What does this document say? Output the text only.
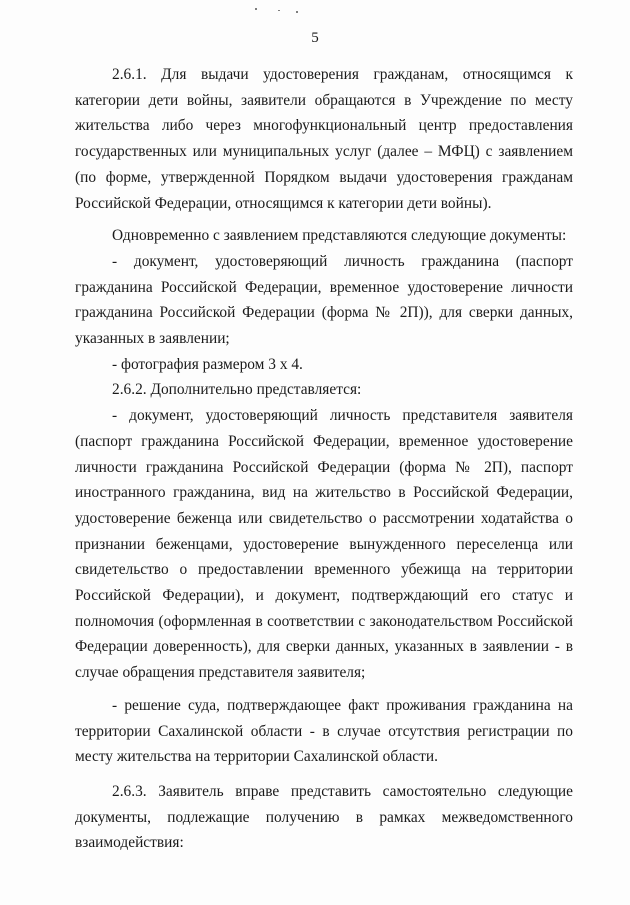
5

2.6.1. Для выдачи удостоверения гражданам, относящимся к категории дети войны, заявители обращаются в Учреждение по месту жительства либо через многофункциональный центр предоставления государственных или муниципальных услуг (далее – МФЦ) с заявлением (по форме, утвержденной Порядком выдачи удостоверения гражданам Российской Федерации, относящимся к категории дети войны).

Одновременно с заявлением представляются следующие документы:

- документ, удостоверяющий личность гражданина (паспорт гражданина Российской Федерации, временное удостоверение личности гражданина Российской Федерации (форма № 2П)), для сверки данных, указанных в заявлении;

- фотография размером 3 х 4.

2.6.2. Дополнительно представляется:

- документ, удостоверяющий личность представителя заявителя (паспорт гражданина Российской Федерации, временное удостоверение личности гражданина Российской Федерации (форма № 2П), паспорт иностранного гражданина, вид на жительство в Российской Федерации, удостоверение беженца или свидетельство о рассмотрении ходатайства о признании беженцами, удостоверение вынужденного переселенца или свидетельство о предоставлении временного убежища на территории Российской Федерации), и документ, подтверждающий его статус и полномочия (оформленная в соответствии с законодательством Российской Федерации доверенность), для сверки данных, указанных в заявлении - в случае обращения представителя заявителя;

- решение суда, подтверждающее факт проживания гражданина на территории Сахалинской области - в случае отсутствия регистрации по месту жительства на территории Сахалинской области.

2.6.3. Заявитель вправе представить самостоятельно следующие документы, подлежащие получению в рамках межведомственного взаимодействия:
